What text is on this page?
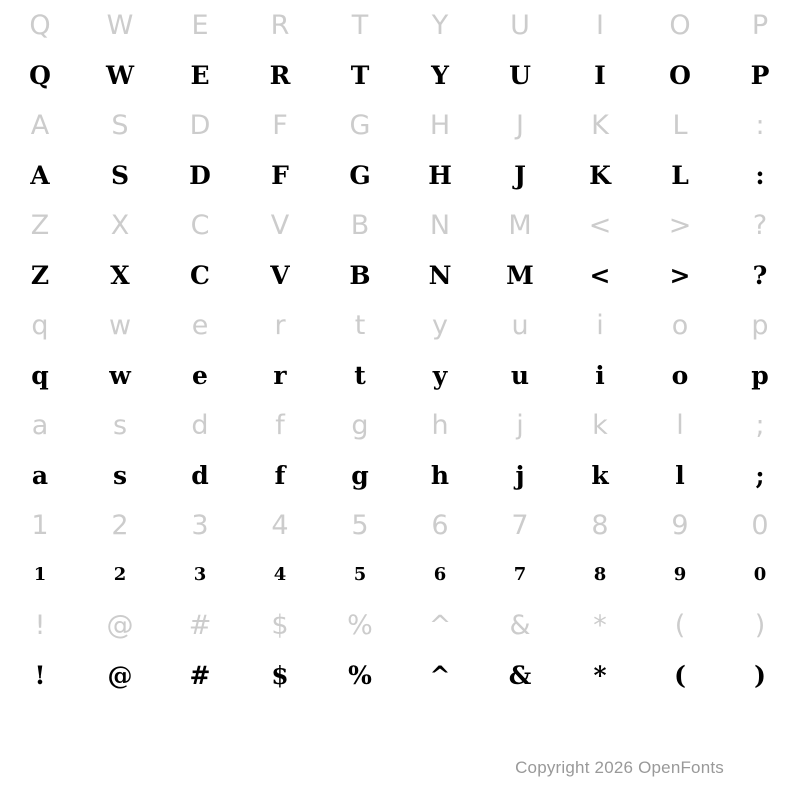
Q W E R T Y U I O P
Q W E R T Y U	I	O P
A S D F G H J K L	:
A S D F G H J	K L	:
Z X C V B N M < > ?
Z X C V B N M < > ?
q w e r	t y u	i	o p
q w e	r	t	y	u	i	o	p
a s d f g h	j	k	l	;
a	s	d	f	g h	j	k	l	;
1 2 3 4 5 6 7 8 9 0
1	2	3	4	5	6	7	8	9	0
! @ # $ % ^ & *	(	)
! @ # $ % ^ & *	(	)
Copyright 2026 OpenFonts
